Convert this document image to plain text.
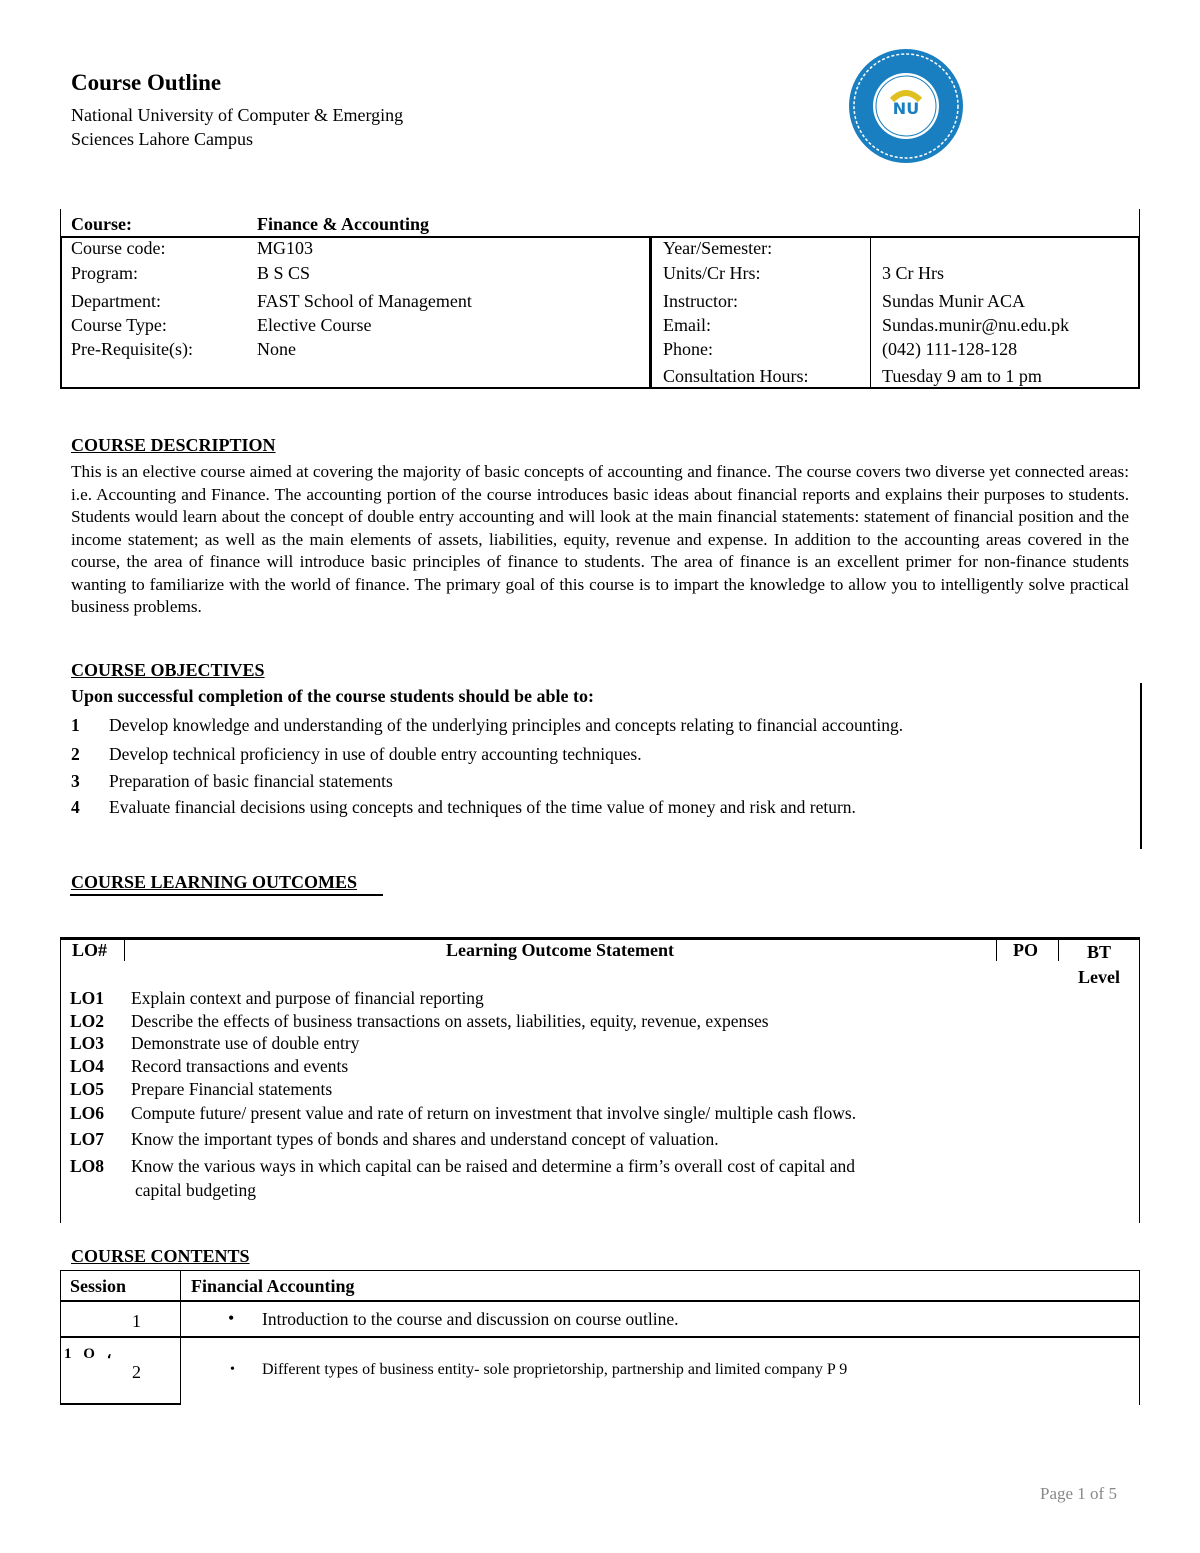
Course Outline
National University of Computer & Emerging
Sciences Lahore Campus
NU
Course:	Finance & Accounting
Course code:	MG103
Program:	B S CS
Department:	FAST School of Management
Course Type:	Elective Course
Pre-Requisite(s):	None
Year/Semester:
Units/Cr Hrs:	3 Cr Hrs
Instructor:	Sundas Munir ACA
Email:	Sundas.munir@nu.edu.pk
Phone:	(042) 111-128-128
Consultation Hours:	Tuesday 9 am to 1 pm
COURSE DESCRIPTION
This is an elective course aimed at covering the majority of basic concepts of accounting and finance. The course covers two diverse yet connected areas: i.e. Accounting and Finance. The accounting portion of the course introduces basic ideas about financial reports and explains their purposes to students. Students would learn about the concept of double entry accounting and will look at the main financial statements: statement of financial position and the income statement; as well as the main elements of assets, liabilities, equity, revenue and expense. In addition to the accounting areas covered in the course, the area of finance will introduce basic principles of finance to students. The area of finance is an excellent primer for non-finance students wanting to familiarize with the world of finance. The primary goal of this course is to impart the knowledge to allow you to intelligently solve practical business problems.
COURSE OBJECTIVES
Upon successful completion of the course students should be able to:
1 Develop knowledge and understanding of the underlying principles and concepts relating to financial accounting.
2 Develop technical proficiency in use of double entry accounting techniques.
3 Preparation of basic financial statements
4 Evaluate financial decisions using concepts and techniques of the time value of money and risk and return.
COURSE LEARNING OUTCOMES
LO#	Learning Outcome Statement	PO	BT
Level
LO1 Explain context and purpose of financial reporting
LO2 Describe the effects of business transactions on assets, liabilities, equity, revenue, expenses
LO3 Demonstrate use of double entry
LO4 Record transactions and events
LO5 Prepare Financial statements
LO6 Compute future/ present value and rate of return on investment that involve single/ multiple cash flows.
LO7 Know the important types of bonds and shares and understand concept of valuation.
LO8 Know the various ways in which capital can be raised and determine a firm’s overall cost of capital and
capital budgeting
COURSE CONTENTS
Session	Financial Accounting
1	• Introduction to the course and discussion on course outline.
1 O ،
2	• Different types of business entity- sole proprietorship, partnership and limited company P 9
Page 1 of 5
